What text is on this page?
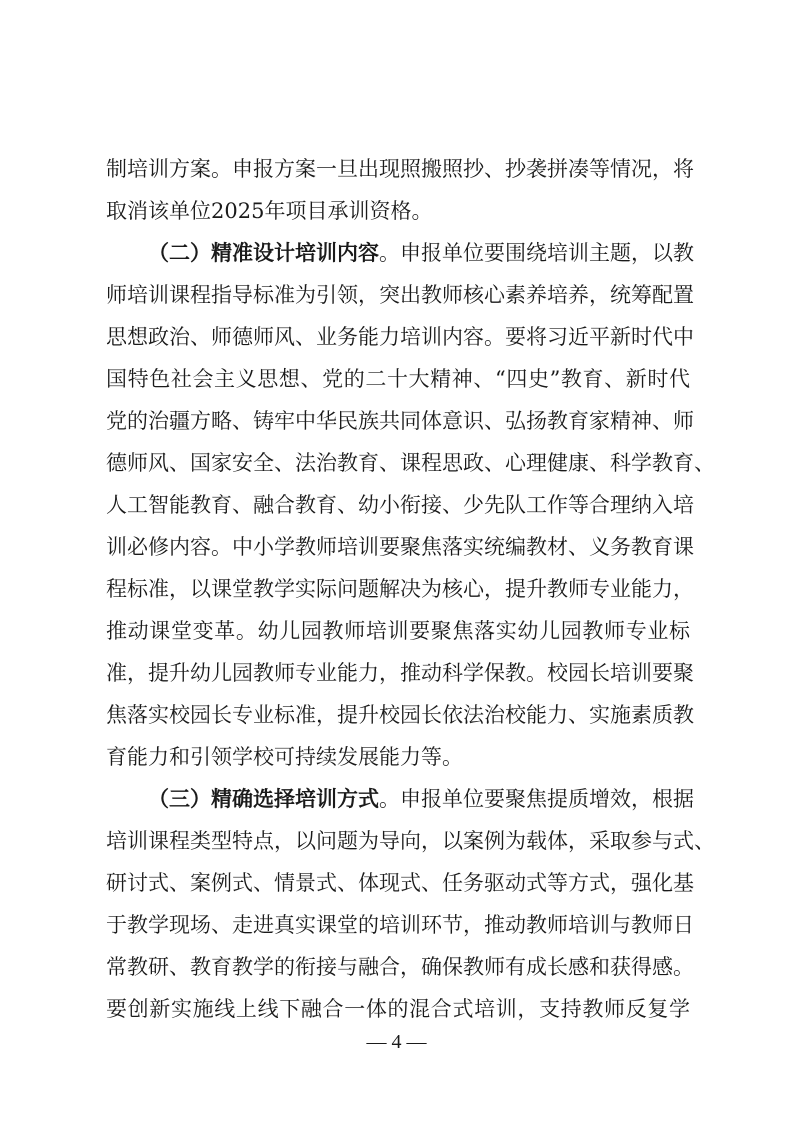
制培训方案。申报方案一旦出现照搬照抄、抄袭拼凑等情况，将
取消该单位2025年项目承训资格。
（二）精准设计培训内容。申报单位要围绕培训主题，以教
师培训课程指导标准为引领，突出教师核心素养培养，统筹配置
思想政治、师德师风、业务能力培训内容。要将习近平新时代中
国特色社会主义思想、党的二十大精神、“四史”教育、新时代
党的治疆方略、铸牢中华民族共同体意识、弘扬教育家精神、师
德师风、国家安全、法治教育、课程思政、心理健康、科学教育、
人工智能教育、融合教育、幼小衔接、少先队工作等合理纳入培
训必修内容。中小学教师培训要聚焦落实统编教材、义务教育课
程标准，以课堂教学实际问题解决为核心，提升教师专业能力，
推动课堂变革。幼儿园教师培训要聚焦落实幼儿园教师专业标
准，提升幼儿园教师专业能力，推动科学保教。校园长培训要聚
焦落实校园长专业标准，提升校园长依法治校能力、实施素质教
育能力和引领学校可持续发展能力等。
（三）精确选择培训方式。申报单位要聚焦提质增效，根据
培训课程类型特点，以问题为导向，以案例为载体，采取参与式、
研讨式、案例式、情景式、体现式、任务驱动式等方式，强化基
于教学现场、走进真实课堂的培训环节，推动教师培训与教师日
常教研、教育教学的衔接与融合，确保教师有成长感和获得感。
要创新实施线上线下融合一体的混合式培训，支持教师反复学
— 4 —
